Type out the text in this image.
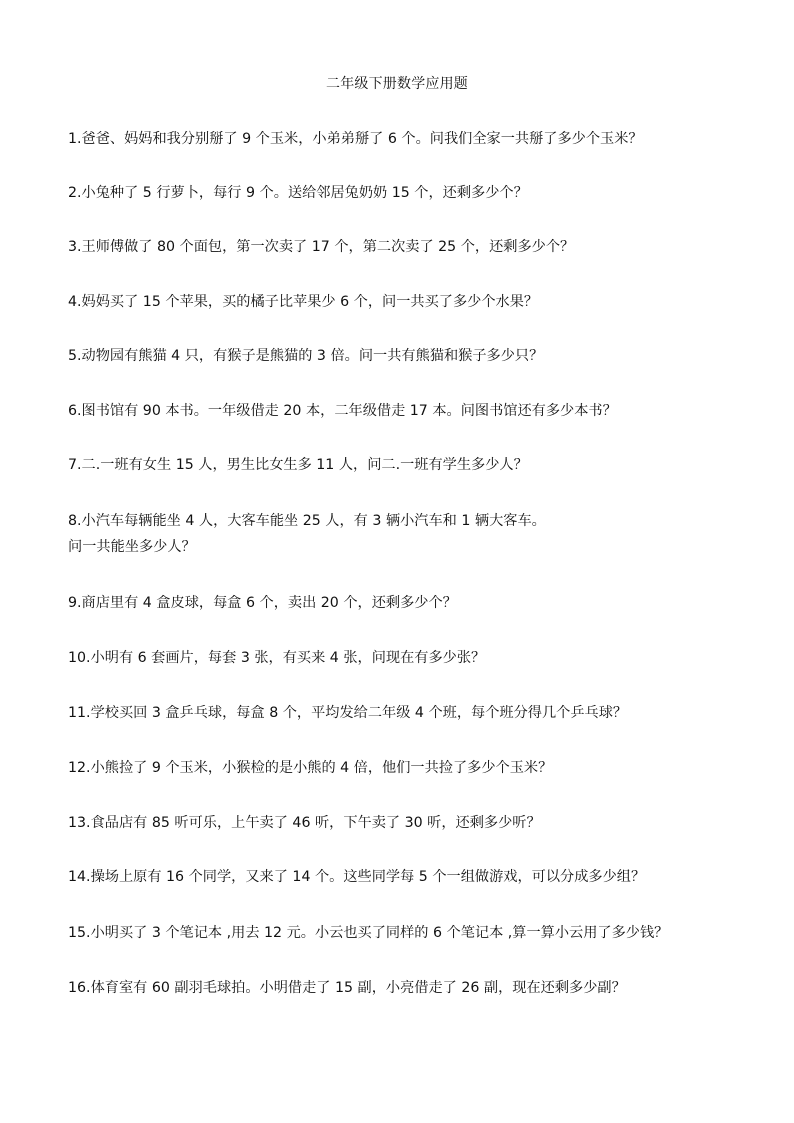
二年级下册数学应用题
1.爸爸、妈妈和我分别掰了 9 个玉米，小弟弟掰了 6 个。问我们全家一共掰了多少个玉米？
2.小兔种了 5 行萝卜，每行 9 个。送给邻居兔奶奶 15 个，还剩多少个？
3.王师傅做了 80 个面包，第一次卖了 17 个，第二次卖了 25 个，还剩多少个？
4.妈妈买了 15 个苹果，买的橘子比苹果少 6 个，问一共买了多少个水果？
5.动物园有熊猫 4 只，有猴子是熊猫的 3 倍。问一共有熊猫和猴子多少只？
6.图书馆有 90 本书。一年级借走 20 本，二年级借走 17 本。问图书馆还有多少本书？
7.二.一班有女生 15 人，男生比女生多 11 人，问二.一班有学生多少人？
8.小汽车每辆能坐 4 人，大客车能坐 25 人，有 3 辆小汽车和 1 辆大客车。
问一共能坐多少人？
9.商店里有 4 盒皮球，每盒 6 个，卖出 20 个，还剩多少个？
10.小明有 6 套画片，每套 3 张，有买来 4 张，问现在有多少张？
11.学校买回 3 盒乒乓球，每盒 8 个，平均发给二年级 4 个班，每个班分得几个乒乓球？
12.小熊捡了 9 个玉米，小猴检的是小熊的 4 倍，他们一共捡了多少个玉米？
13.食品店有 85 听可乐，上午卖了 46 听，下午卖了 30 听，还剩多少听？
14.操场上原有 16 个同学，又来了 14 个。这些同学每 5 个一组做游戏，可以分成多少组？
15.小明买了 3 个笔记本 ,用去 12 元。小云也买了同样的 6 个笔记本 ,算一算小云用了多少钱？
16.体育室有 60 副羽毛球拍。小明借走了 15 副，小亮借走了 26 副，现在还剩多少副？
